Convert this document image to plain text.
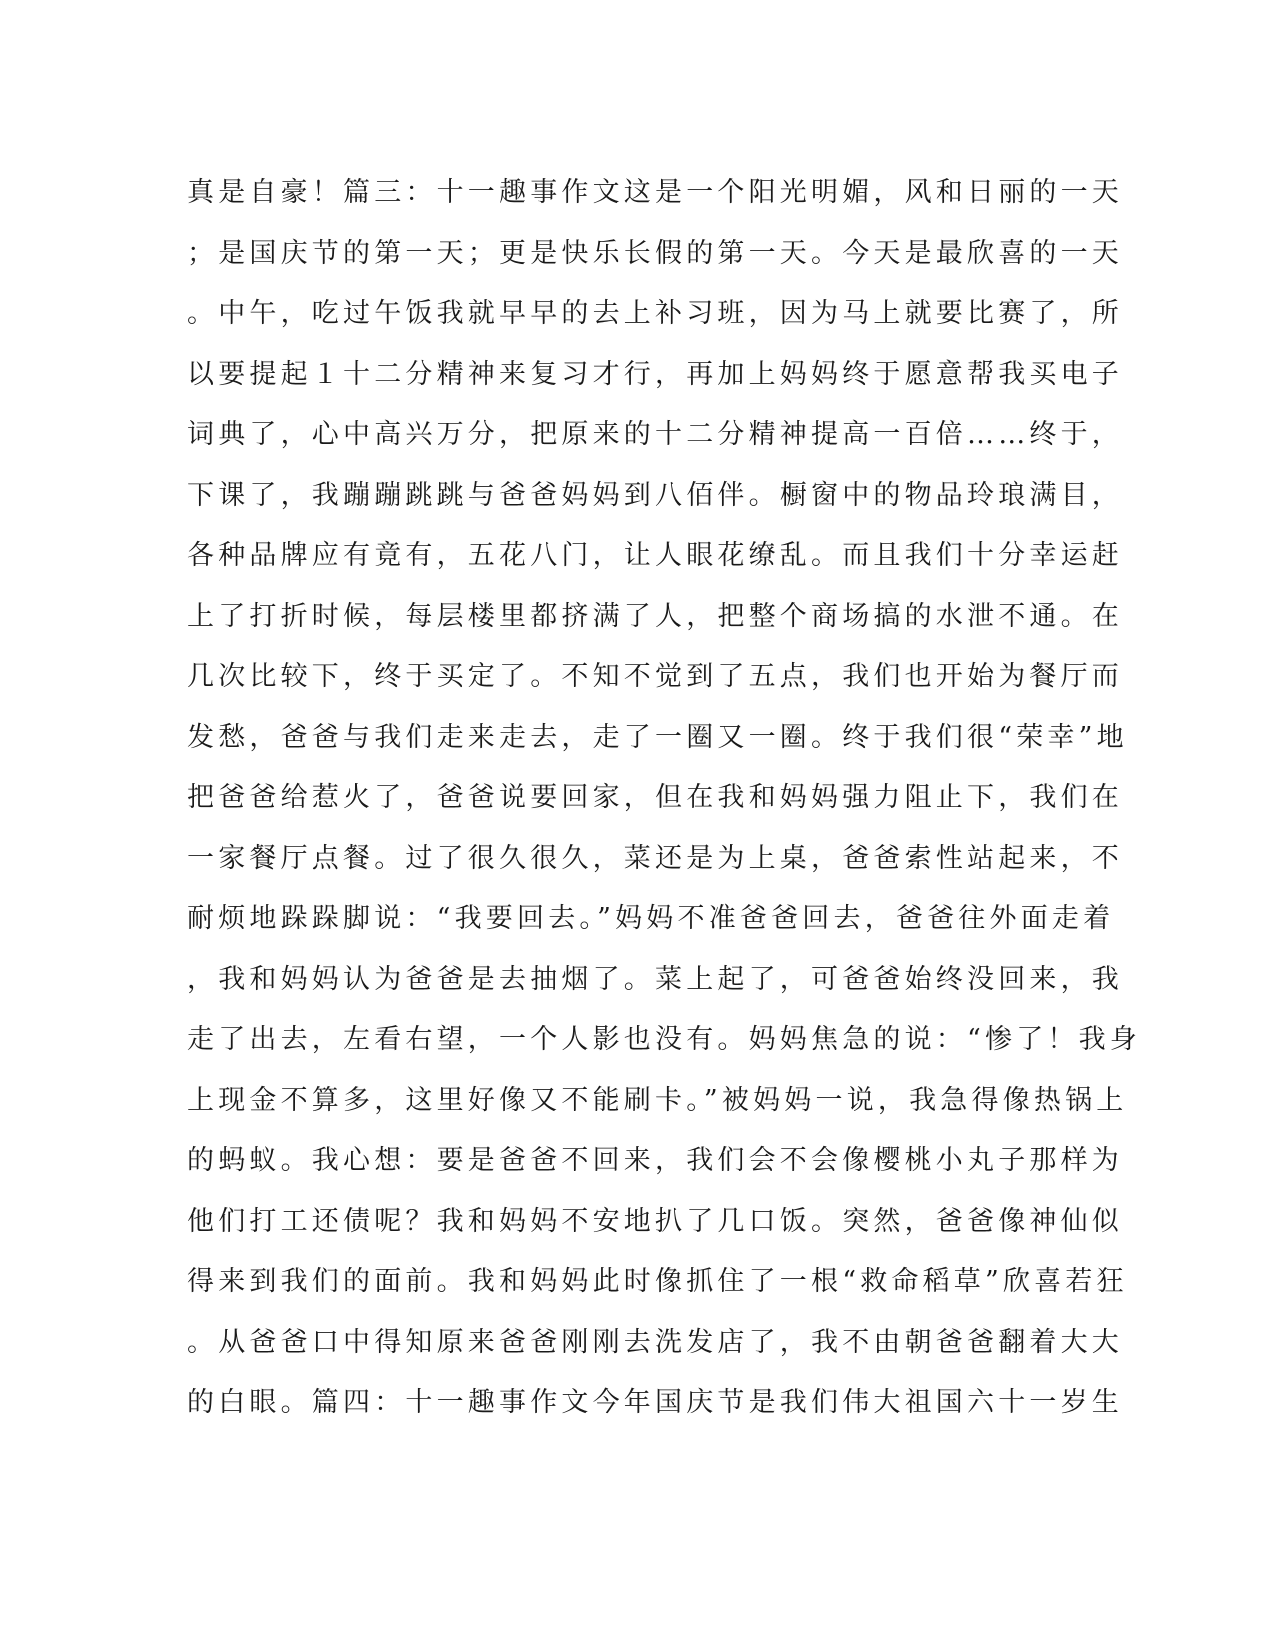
真是自豪！篇三：十一趣事作文这是一个阳光明媚，风和日丽的一天
；是国庆节的第一天；更是快乐长假的第一天。今天是最欣喜的一天
。中午，吃过午饭我就早早的去上补习班，因为马上就要比赛了，所
以要提起１十二分精神来复习才行，再加上妈妈终于愿意帮我买电子
词典了，心中高兴万分，把原来的十二分精神提高一百倍……终于，
下课了，我蹦蹦跳跳与爸爸妈妈到八佰伴。橱窗中的物品玲琅满目，
各种品牌应有竟有，五花八门，让人眼花缭乱。而且我们十分幸运赶
上了打折时候，每层楼里都挤满了人，把整个商场搞的水泄不通。在
几次比较下，终于买定了。不知不觉到了五点，我们也开始为餐厅而
发愁，爸爸与我们走来走去，走了一圈又一圈。终于我们很“荣幸”地
把爸爸给惹火了，爸爸说要回家，但在我和妈妈强力阻止下，我们在
一家餐厅点餐。过了很久很久，菜还是为上桌，爸爸索性站起来，不
耐烦地跺跺脚说：“我要回去。”妈妈不准爸爸回去，爸爸往外面走着
，我和妈妈认为爸爸是去抽烟了。菜上起了，可爸爸始终没回来，我
走了出去，左看右望，一个人影也没有。妈妈焦急的说：“惨了！我身
上现金不算多，这里好像又不能刷卡。”被妈妈一说，我急得像热锅上
的蚂蚁。我心想：要是爸爸不回来，我们会不会像樱桃小丸子那样为
他们打工还债呢？我和妈妈不安地扒了几口饭。突然，爸爸像神仙似
得来到我们的面前。我和妈妈此时像抓住了一根“救命稻草”欣喜若狂
。从爸爸口中得知原来爸爸刚刚去洗发店了，我不由朝爸爸翻着大大
的白眼。篇四：十一趣事作文今年国庆节是我们伟大祖国六十一岁生
